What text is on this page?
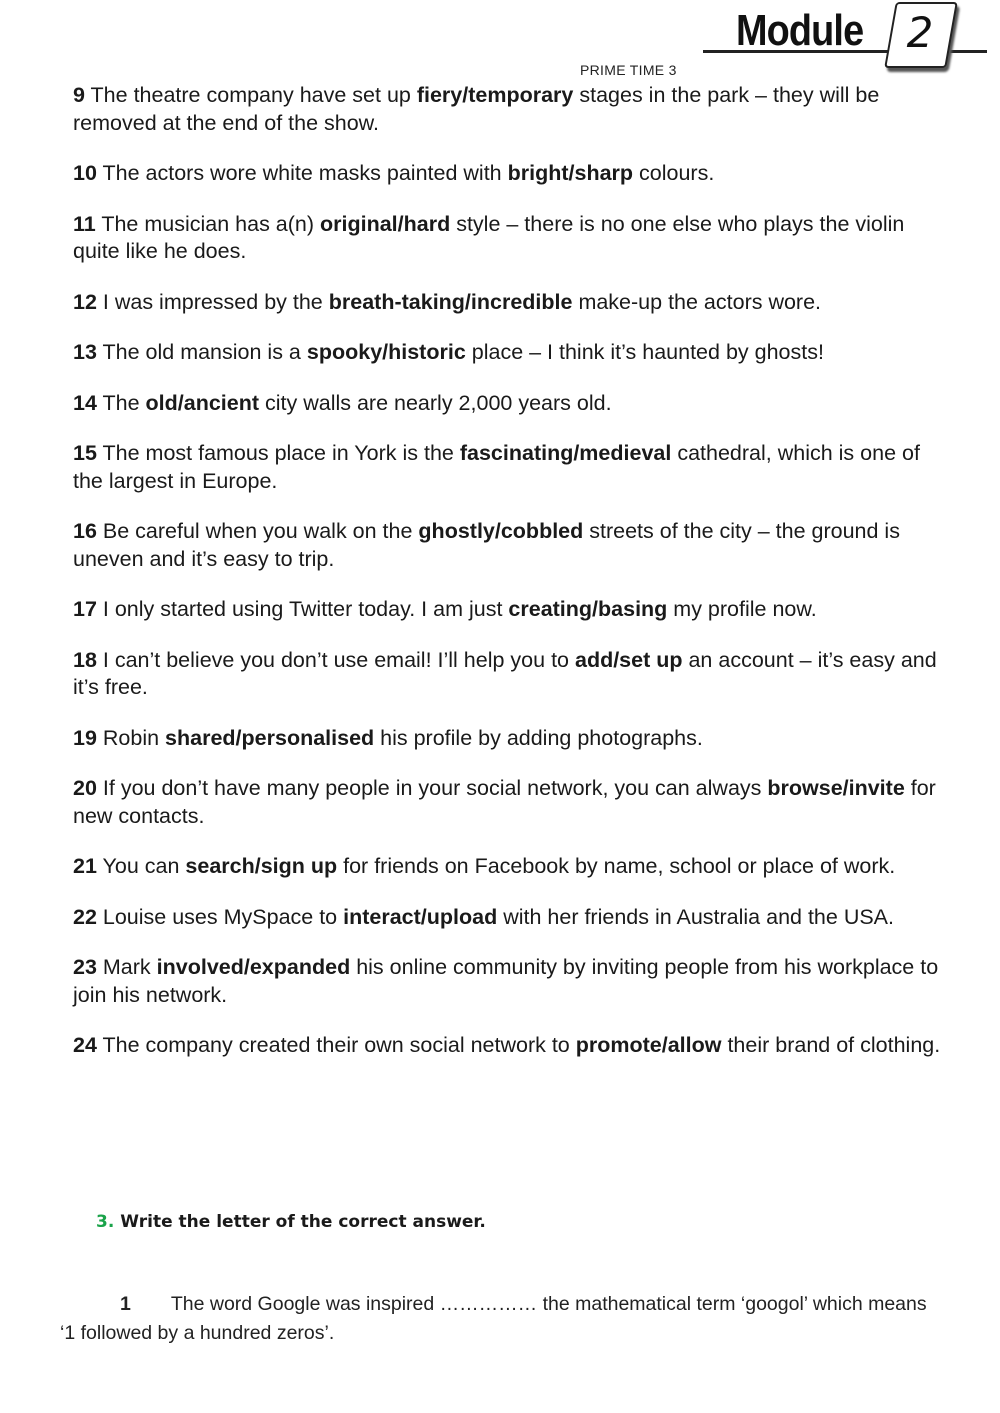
Module 2
PRIME TIME 3

9 The theatre company have set up fiery/temporary stages in the park – they will be removed at the end of the show.

10 The actors wore white masks painted with bright/sharp colours.

11 The musician has a(n) original/hard style – there is no one else who plays the violin quite like he does.

12 I was impressed by the breath-taking/incredible make-up the actors wore.

13 The old mansion is a spooky/historic place – I think it’s haunted by ghosts!

14 The old/ancient city walls are nearly 2,000 years old.

15 The most famous place in York is the fascinating/medieval cathedral, which is one of the largest in Europe.

16 Be careful when you walk on the ghostly/cobbled streets of the city – the ground is uneven and it’s easy to trip.

17 I only started using Twitter today. I am just creating/basing my profile now.

18 I can’t believe you don’t use email! I’ll help you to add/set up an account – it’s easy and it’s free.

19 Robin shared/personalised his profile by adding photographs.

20 If you don’t have many people in your social network, you can always browse/invite for new contacts.

21 You can search/sign up for friends on Facebook by name, school or place of work.

22 Louise uses MySpace to interact/upload with her friends in Australia and the USA.

23 Mark involved/expanded his online community by inviting people from his workplace to join his network.

24 The company created their own social network to promote/allow their brand of clothing.

3. Write the letter of the correct answer.
1 The word Google was inspired …………… the mathematical term ‘googol’ which means ‘1 followed by a hundred zeros’.
